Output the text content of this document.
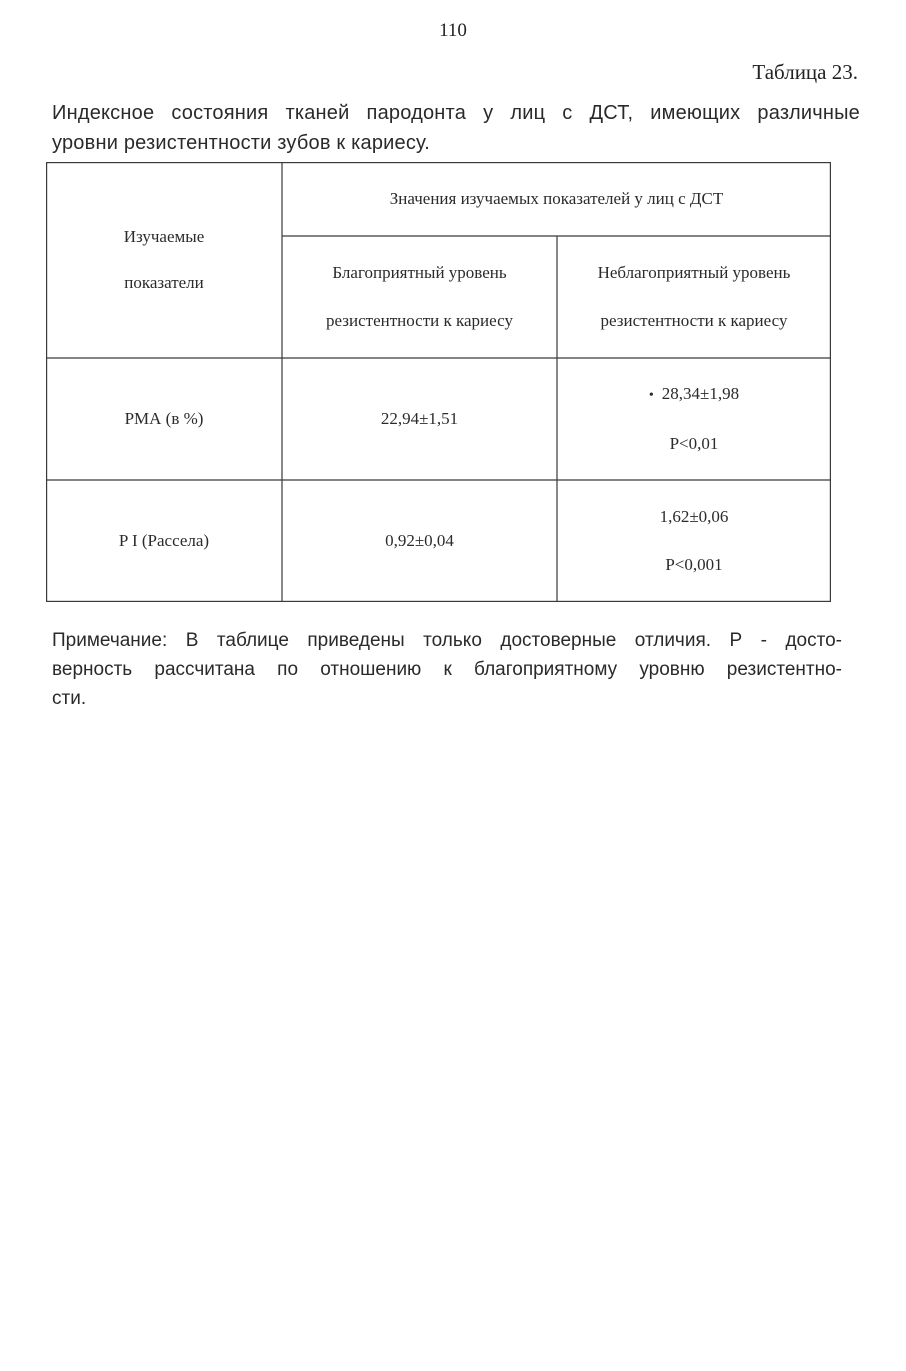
110
Таблица 23.
Индексное состояния тканей пародонта у лиц с ДСТ, имеющих различные
уровни резистентности зубов к кариесу.
Изучаемые
показатели
Значения изучаемых показателей у лиц с ДСТ
Благоприятный уровень
резистентности к кариесу
Неблагоприятный уровень
резистентности к кариесу
РМА (в %)	22,94±1,51
• 28,34±1,98
P<0,01
P I (Рассела)	0,92±0,04
1,62±0,06
P<0,001
Примечание: В таблице приведены только достоверные отличия. Р - досто-
верность рассчитана по отношению к благоприятному уровню резистентно-
сти.
